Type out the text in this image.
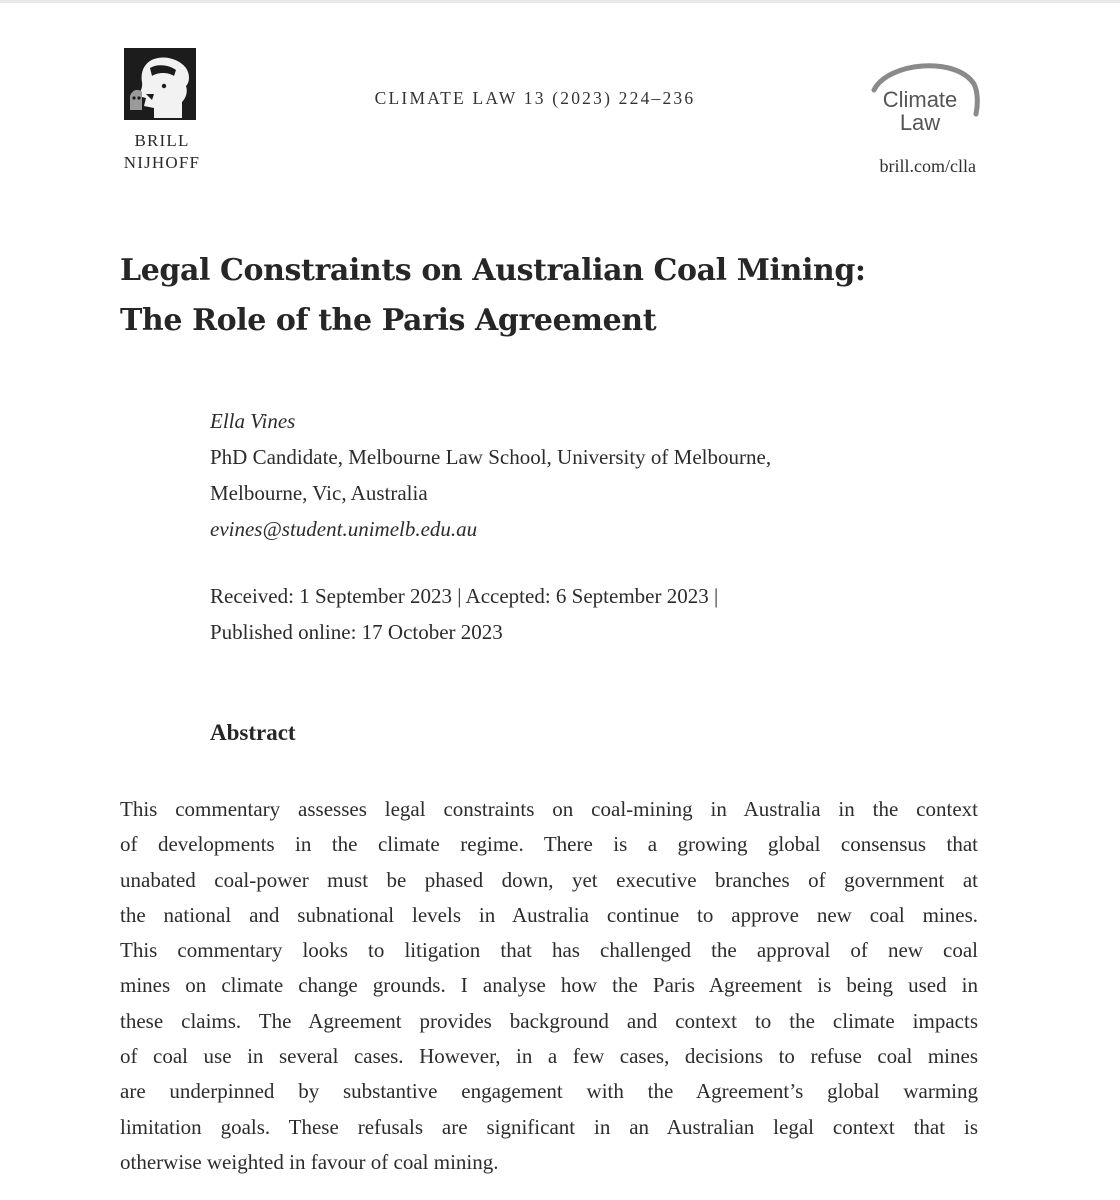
BRILL
NIJHOFF
CLIMATE LAW 13 (2023) 224–236	Climate
Law
brill.com/clla
Legal Constraints on Australian Coal Mining:
The Role of the Paris Agreement
Ella Vines
PhD Candidate, Melbourne Law School, University of Melbourne,
Melbourne, Vic, Australia
evines@student.unimelb.edu.au
Received: 1 September 2023 | Accepted: 6 September 2023 |
Published online: 17 October 2023
Abstract
This commentary assesses legal constraints on coal-mining in Australia in the context
of developments in the climate regime. There is a growing global consensus that
unabated coal-power must be phased down, yet executive branches of government at
the national and subnational levels in Australia continue to approve new coal mines.
This commentary looks to litigation that has challenged the approval of new coal
mines on climate change grounds. I analyse how the Paris Agreement is being used in
these claims. The Agreement provides background and context to the climate impacts
of coal use in several cases. However, in a few cases, decisions to refuse coal mines
are underpinned by substantive engagement with the Agreement’s global warming
limitation goals. These refusals are significant in an Australian legal context that is
otherwise weighted in favour of coal mining.
